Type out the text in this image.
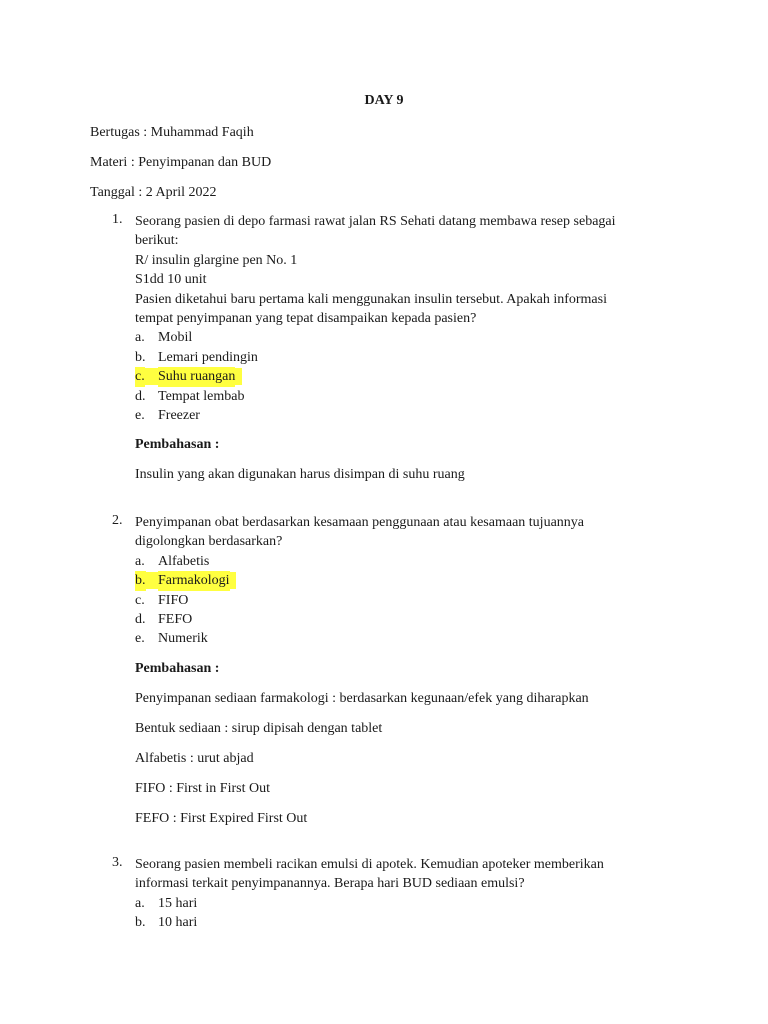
DAY 9
Bertugas : Muhammad Faqih
Materi : Penyimpanan dan BUD
Tanggal : 2 April 2022
1. Seorang pasien di depo farmasi rawat jalan RS Sehati datang membawa resep sebagai
berikut:
R/ insulin glargine pen No. 1
S1dd 10 unit
Pasien diketahui baru pertama kali menggunakan insulin tersebut. Apakah informasi
tempat penyimpanan yang tepat disampaikan kepada pasien?
a. Mobil
b. Lemari pendingin
c. Suhu ruangan
d. Tempat lembab
e. Freezer
Pembahasan :
Insulin yang akan digunakan harus disimpan di suhu ruang
2. Penyimpanan obat berdasarkan kesamaan penggunaan atau kesamaan tujuannya
digolongkan berdasarkan?
a. Alfabetis
b. Farmakologi
c. FIFO
d. FEFO
e. Numerik
Pembahasan :
Penyimpanan sediaan farmakologi : berdasarkan kegunaan/efek yang diharapkan
Bentuk sediaan : sirup dipisah dengan tablet
Alfabetis : urut abjad
FIFO : First in First Out
FEFO : First Expired First Out
3. Seorang pasien membeli racikan emulsi di apotek. Kemudian apoteker memberikan
informasi terkait penyimpanannya. Berapa hari BUD sediaan emulsi?
a. 15 hari
b. 10 hari
